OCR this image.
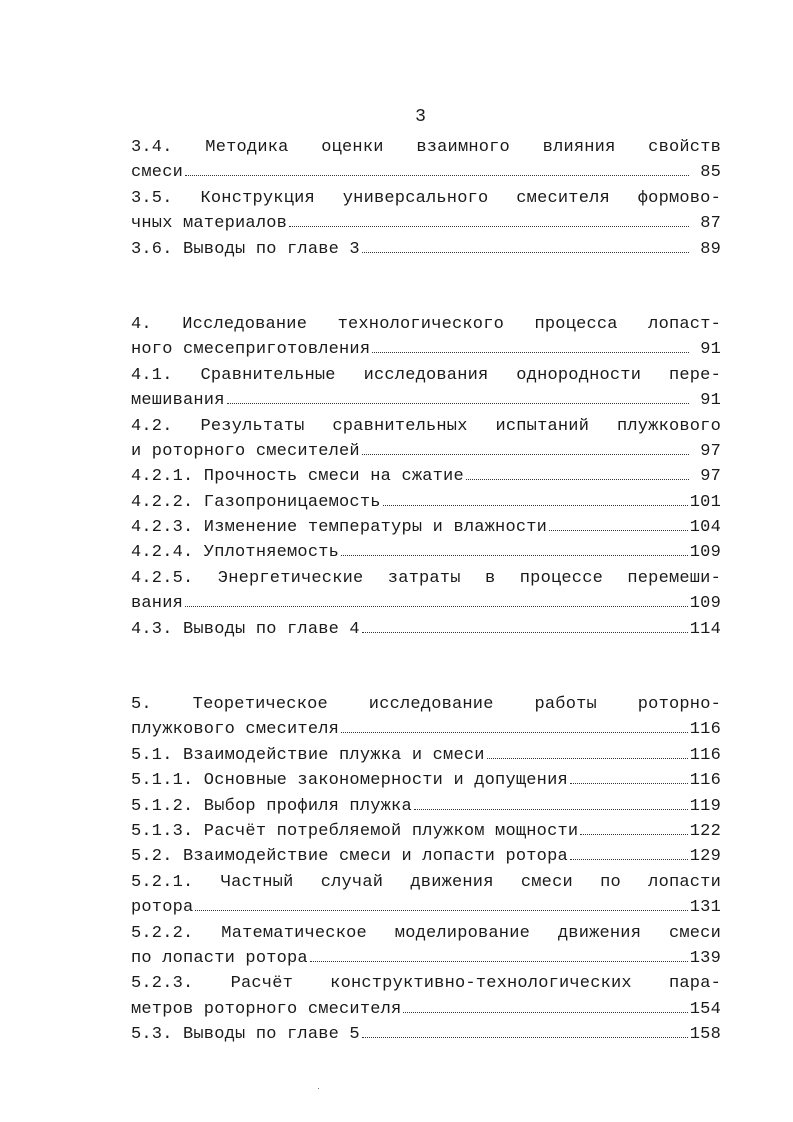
3
3.4. Методика оценки взаимного влияния свойств
смеси	85
3.5. Конструкция универсального смесителя формово-
чных материалов	87
3.6. Выводы по главе 3	89
4. Исследование технологического процесса лопаст-
ного смесеприготовления	91
4.1. Сравнительные исследования однородности пере-
мешивания	91
4.2. Результаты сравнительных испытаний плужкового
и роторного смесителей	97
4.2.1. Прочность смеси на сжатие	97
4.2.2. Газопроницаемость	101
4.2.3. Изменение температуры и влажности	104
4.2.4. Уплотняемость	109
4.2.5. Энергетические затраты в процессе перемеши-
вания	109
4.3. Выводы по главе 4	114
5. Теоретическое исследование работы роторно-
плужкового смесителя	116
5.1. Взаимодействие плужка и смеси	116
5.1.1. Основные закономерности и допущения	116
5.1.2. Выбор профиля плужка	119
5.1.3. Расчёт потребляемой плужком мощности	122
5.2. Взаимодействие смеси и лопасти ротора	129
5.2.1. Частный случай движения смеси по лопасти
ротора	131
5.2.2. Математическое моделирование движения смеси
по лопасти ротора	139
5.2.3. Расчёт конструктивно-технологических пара-
метров роторного смесителя	154
5.3. Выводы по главе 5	158
